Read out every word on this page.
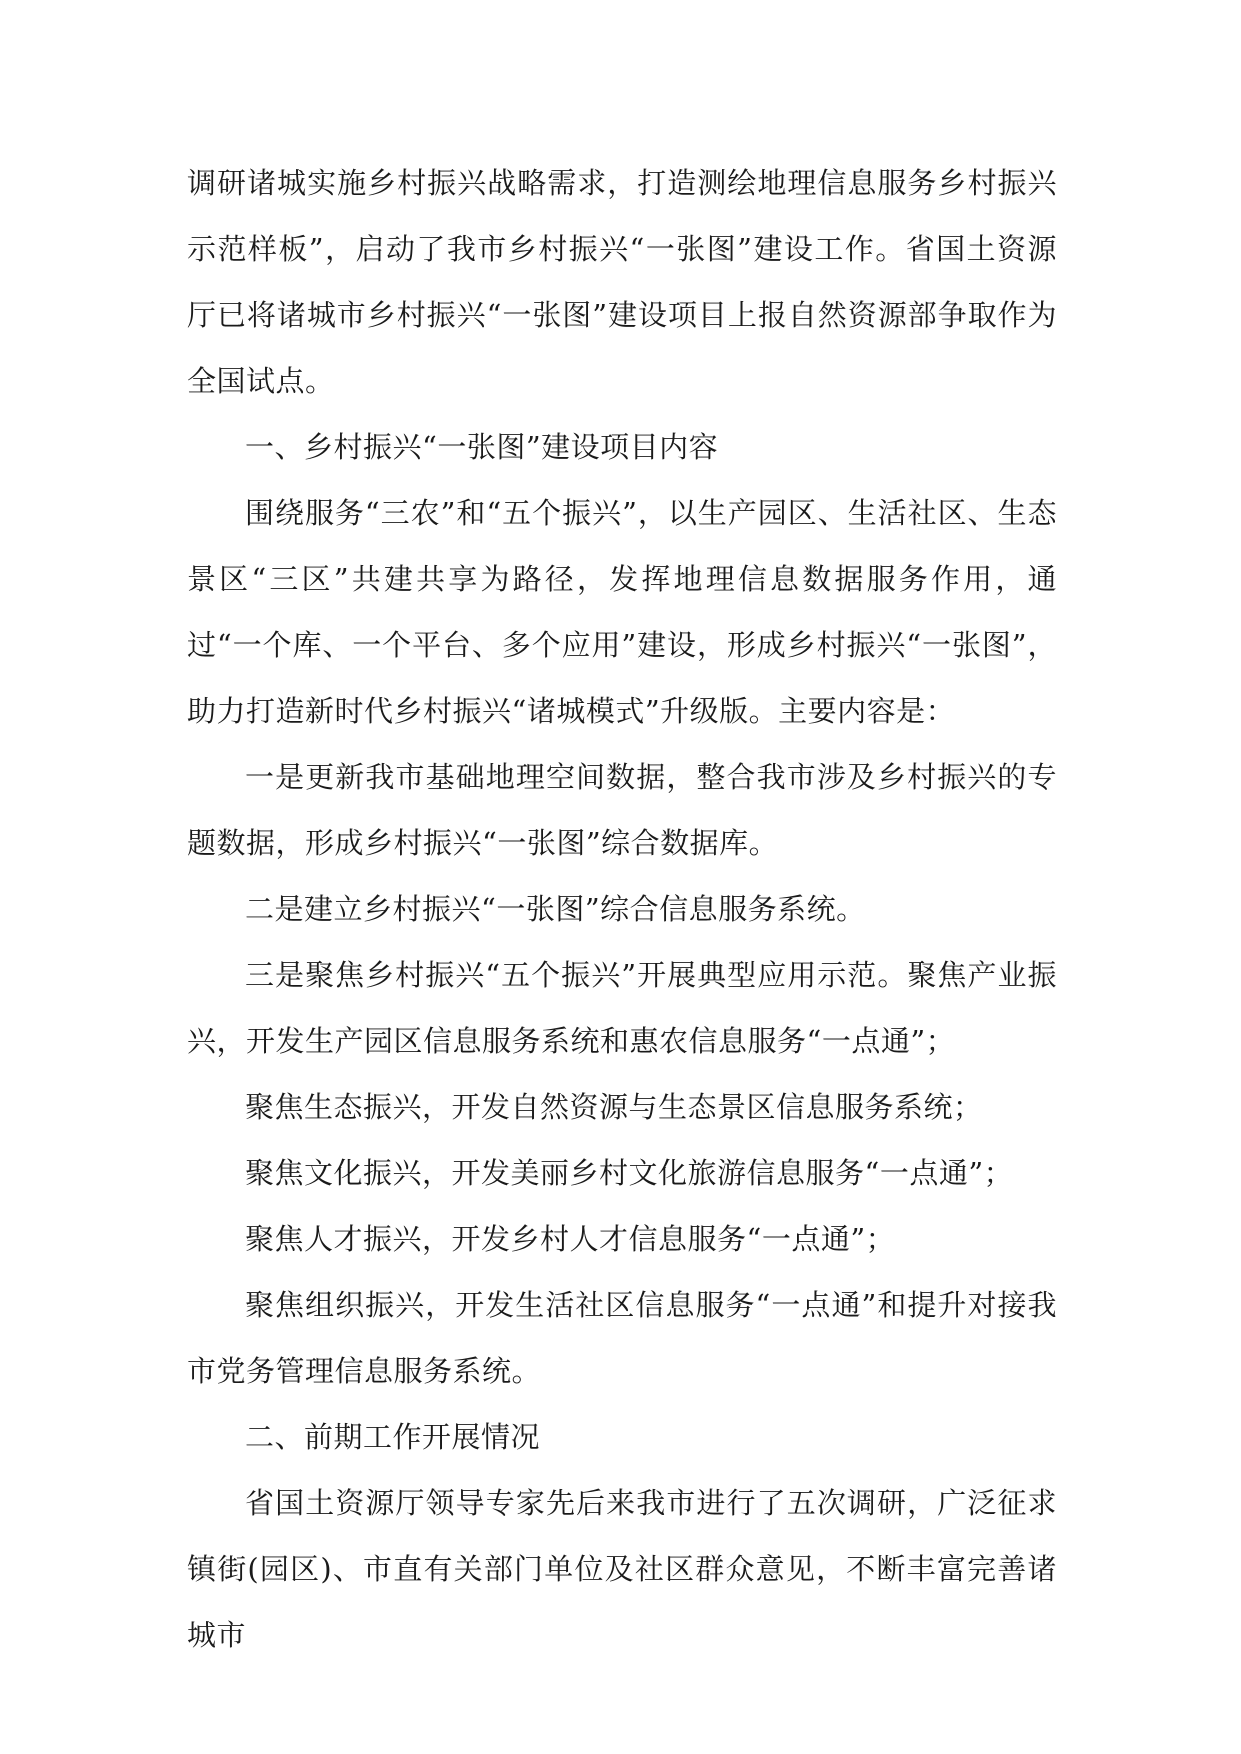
调研诸城实施乡村振兴战略需求，打造测绘地理信息服务乡村振兴示范样板”，启动了我市乡村振兴“一张图”建设工作。省国土资源厅已将诸城市乡村振兴“一张图”建设项目上报自然资源部争取作为全国试点。

一、乡村振兴“一张图”建设项目内容

围绕服务“三农”和“五个振兴”，以生产园区、生活社区、生态景区“三区”共建共享为路径，发挥地理信息数据服务作用，通过“一个库、一个平台、多个应用”建设，形成乡村振兴“一张图”，助力打造新时代乡村振兴“诸城模式”升级版。主要内容是：

一是更新我市基础地理空间数据，整合我市涉及乡村振兴的专题数据，形成乡村振兴“一张图”综合数据库。

二是建立乡村振兴“一张图”综合信息服务系统。

三是聚焦乡村振兴“五个振兴”开展典型应用示范。聚焦产业振兴，开发生产园区信息服务系统和惠农信息服务“一点通”；

聚焦生态振兴，开发自然资源与生态景区信息服务系统；

聚焦文化振兴，开发美丽乡村文化旅游信息服务“一点通”；

聚焦人才振兴，开发乡村人才信息服务“一点通”；

聚焦组织振兴，开发生活社区信息服务“一点通”和提升对接我市党务管理信息服务系统。

二、前期工作开展情况

省国土资源厅领导专家先后来我市进行了五次调研，广泛征求镇街(园区)、市直有关部门单位及社区群众意见，不断丰富完善诸城市
